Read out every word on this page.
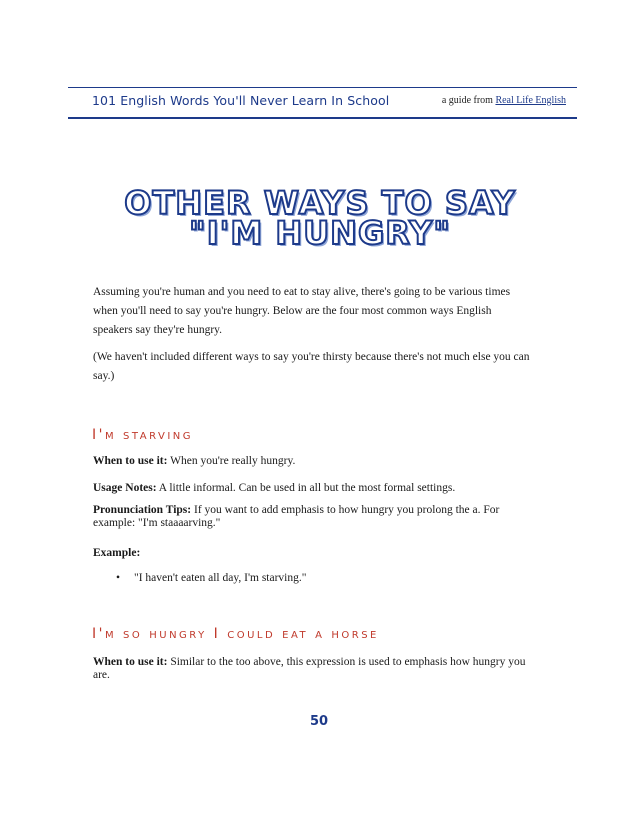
101 English Words You'll Never Learn In School	a guide from Real Life English
OTHER WAYS TO SAY
"I'M HUNGRY"
Assuming you're human and you need to eat to stay alive, there's going to be various times when you'll need to say you're hungry. Below are the four most common ways English speakers say they're hungry.
(We haven't included different ways to say you're thirsty because there's not much else you can say.)
I'm starving
When to use it: When you're really hungry.
Usage Notes: A little informal. Can be used in all but the most formal settings.
Pronunciation Tips: If you want to add emphasis to how hungry you prolong the a. For example: "I'm staaaarving."
Example:
• "I haven't eaten all day, I'm starving."
I'm so hungry I could eat a horse
When to use it: Similar to the too above, this expression is used to emphasis how hungry you are.
50
